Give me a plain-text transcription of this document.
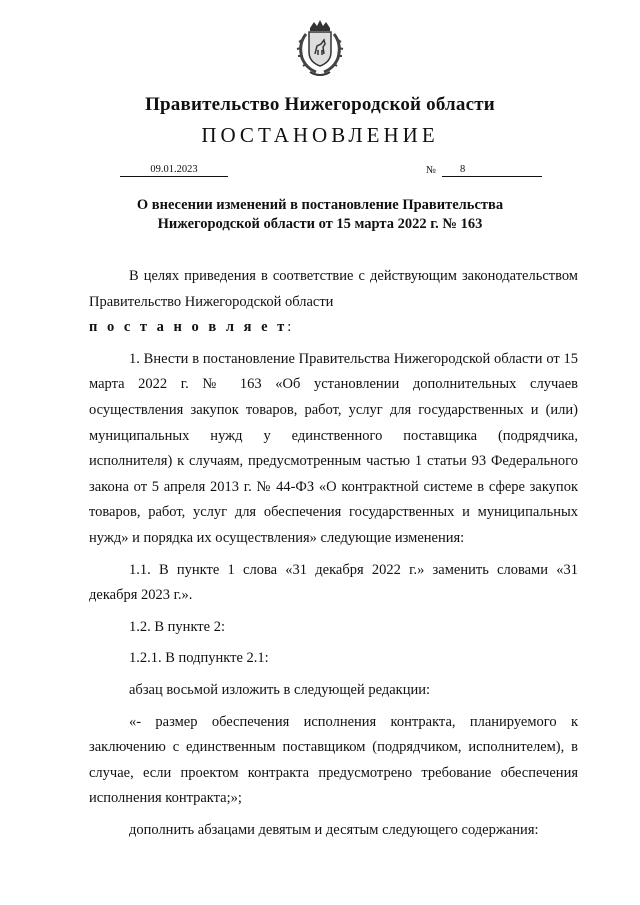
Правительство Нижегородской области
ПОСТАНОВЛЕНИЕ
09.01.2023	№	8
О внесении изменений в постановление Правительства
Нижегородской области от 15 марта 2022 г. № 163

В целях приведения в соответствие с действующим законодательством Правительство Нижегородской области

п о с т а н о в л я е т:

1. Внести в постановление Правительства Нижегородской области от 15 марта 2022 г. № 163 «Об установлении дополнительных случаев осуществления закупок товаров, работ, услуг для государственных и (или) муниципальных нужд у единственного поставщика (подрядчика, исполнителя) к случаям, предусмотренным частью 1 статьи 93 Федерального закона от 5 апреля 2013 г. № 44-ФЗ «О контрактной системе в сфере закупок товаров, работ, услуг для обеспечения государственных и муниципальных нужд» и порядка их осуществления» следующие изменения:

1.1. В пункте 1 слова «31 декабря 2022 г.» заменить словами «31 декабря 2023 г.».

1.2. В пункте 2:

1.2.1. В подпункте 2.1:

абзац восьмой изложить в следующей редакции:

«- размер обеспечения исполнения контракта, планируемого к заключению с единственным поставщиком (подрядчиком, исполнителем), в случае, если проектом контракта предусмотрено требование обеспечения исполнения контракта;»;

дополнить абзацами девятым и десятым следующего содержания:
